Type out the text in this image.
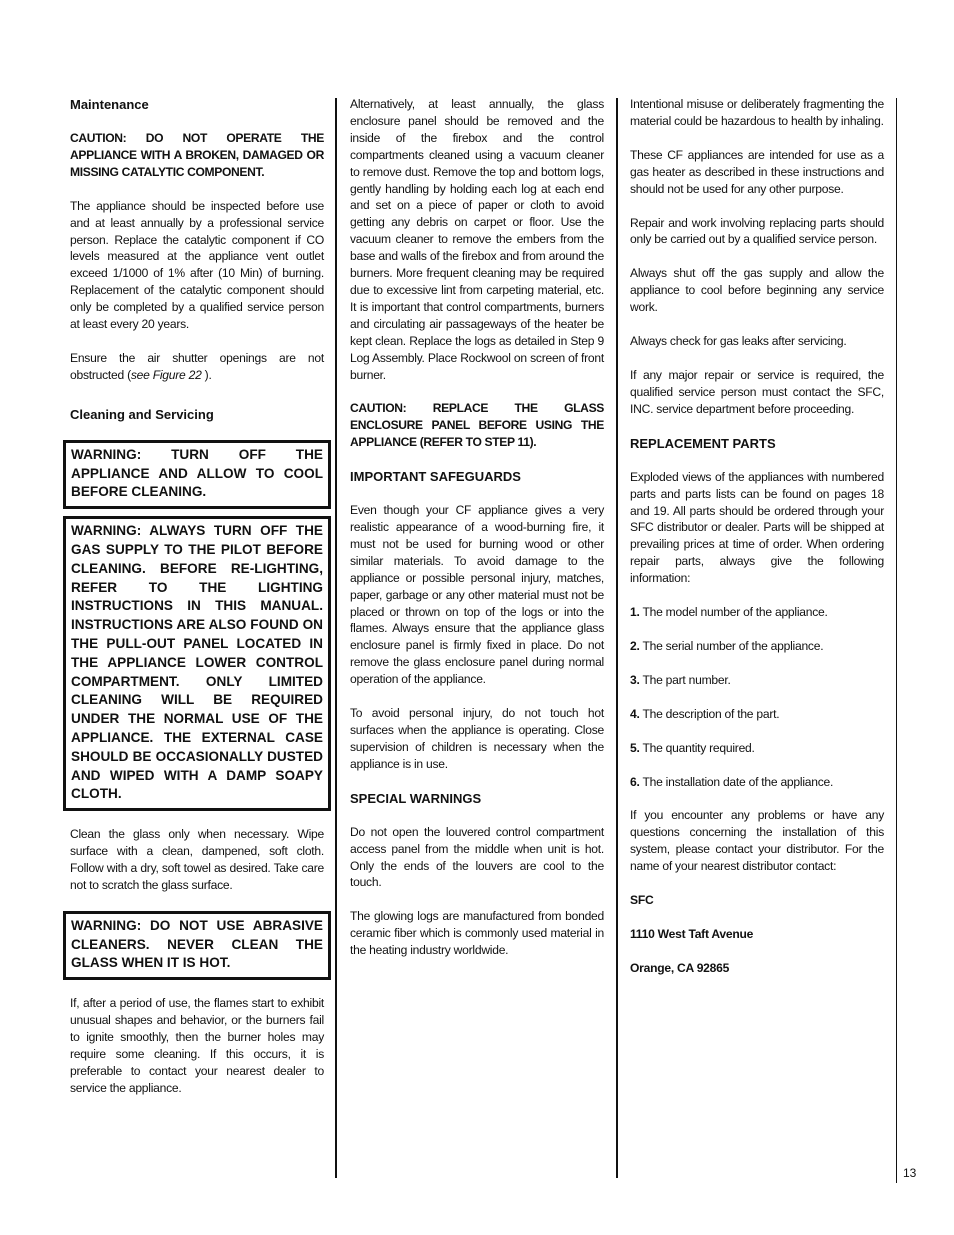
Maintenance

CAUTION: DO NOT OPERATE THE APPLIANCE WITH A BROKEN, DAMAGED OR MISSING CATALYTIC COMPONENT.

The appliance should be inspected before use and at least annually by a professional service person. Replace the catalytic component if CO levels measured at the appliance vent outlet exceed 1/1000 of 1% after (10 Min) of burning. Replacement of the catalytic component should only be completed by a qualified service person at least every 20 years.

Ensure the air shutter openings are not obstructed (see Figure 22 ).

Cleaning and Servicing
WARNING: TURN OFF THE APPLIANCE AND ALLOW TO COOL BEFORE CLEANING.
WARNING: ALWAYS TURN OFF THE GAS SUPPLY TO THE PILOT BEFORE CLEANING. BEFORE RE-LIGHTING, REFER TO THE LIGHTING INSTRUCTIONS IN THIS MANUAL. INSTRUCTIONS ARE ALSO FOUND ON THE PULL-OUT PANEL LOCATED IN THE APPLIANCE LOWER CONTROL COMPARTMENT. ONLY LIMITED CLEANING WILL BE REQUIRED UNDER THE NORMAL USE OF THE APPLIANCE. THE EXTERNAL CASE SHOULD BE OCCASIONALLY DUSTED AND WIPED WITH A DAMP SOAPY CLOTH.

Clean the glass only when necessary. Wipe surface with a clean, dampened, soft cloth. Follow with a dry, soft towel as desired. Take care not to scratch the glass surface.

WARNING: DO NOT USE ABRASIVE CLEANERS. NEVER CLEAN THE GLASS WHEN IT IS HOT.

If, after a period of use, the flames start to exhibit unusual shapes and behavior, or the burners fail to ignite smoothly, then the burner holes may require some cleaning. If this occurs, it is preferable to contact your nearest dealer to service the appliance.

Alternatively, at least annually, the glass enclosure panel should be removed and the inside of the firebox and the control compartments cleaned using a vacuum cleaner to remove dust. Remove the top and bottom logs, gently handling by holding each log at each end and set on a piece of paper or cloth to avoid getting any debris on carpet or floor. Use the vacuum cleaner to remove the embers from the base and walls of the firebox and from around the burners. More frequent cleaning may be required due to excessive lint from carpeting material, etc. It is important that control compartments, burners and circulating air passageways of the heater be kept clean. Replace the logs as detailed in Step 9 Log Assembly. Place Rockwool on screen of front burner.

CAUTION: REPLACE THE GLASS ENCLOSURE PANEL BEFORE USING THE APPLIANCE (REFER TO STEP 11).

IMPORTANT SAFEGUARDS

Even though your CF appliance gives a very realistic appearance of a wood-burning fire, it must not be used for burning wood or other similar materials. To avoid damage to the appliance or possible personal injury, matches, paper, garbage or any other material must not be placed or thrown on top of the logs or into the flames. Always ensure that the appliance glass enclosure panel is firmly fixed in place. Do not remove the glass enclosure panel during normal operation of the appliance.

To avoid personal injury, do not touch hot surfaces when the appliance is operating. Close supervision of children is necessary when the appliance is in use.

SPECIAL WARNINGS

Do not open the louvered control compartment access panel from the middle when unit is hot. Only the ends of the louvers are cool to the touch.

The glowing logs are manufactured from bonded ceramic fiber which is commonly used material in the heating industry worldwide.

Intentional misuse or deliberately fragmenting the material could be hazardous to health by inhaling.

These CF appliances are intended for use as a gas heater as described in these instructions and should not be used for any other purpose.

Repair and work involving replacing parts should only be carried out by a qualified service person.

Always shut off the gas supply and allow the appliance to cool before beginning any service work.

Always check for gas leaks after servicing.

If any major repair or service is required, the qualified service person must contact the SFC, INC. service department before proceeding.

REPLACEMENT PARTS

Exploded views of the appliances with numbered parts and parts lists can be found on pages 18 and 19. All parts should be ordered through your SFC distributor or dealer. Parts will be shipped at prevailing prices at time of order. When ordering repair parts, always give the following information:

1. The model number of the appliance.

2. The serial number of the appliance.

3. The part number.

4. The description of the part.

5. The quantity required.

6. The installation date of the appliance.

If you encounter any problems or have any questions concerning the installation of this system, please contact your distributor. For the name of your nearest distributor contact:

SFC

1110 West Taft Avenue

Orange, CA 92865

13
